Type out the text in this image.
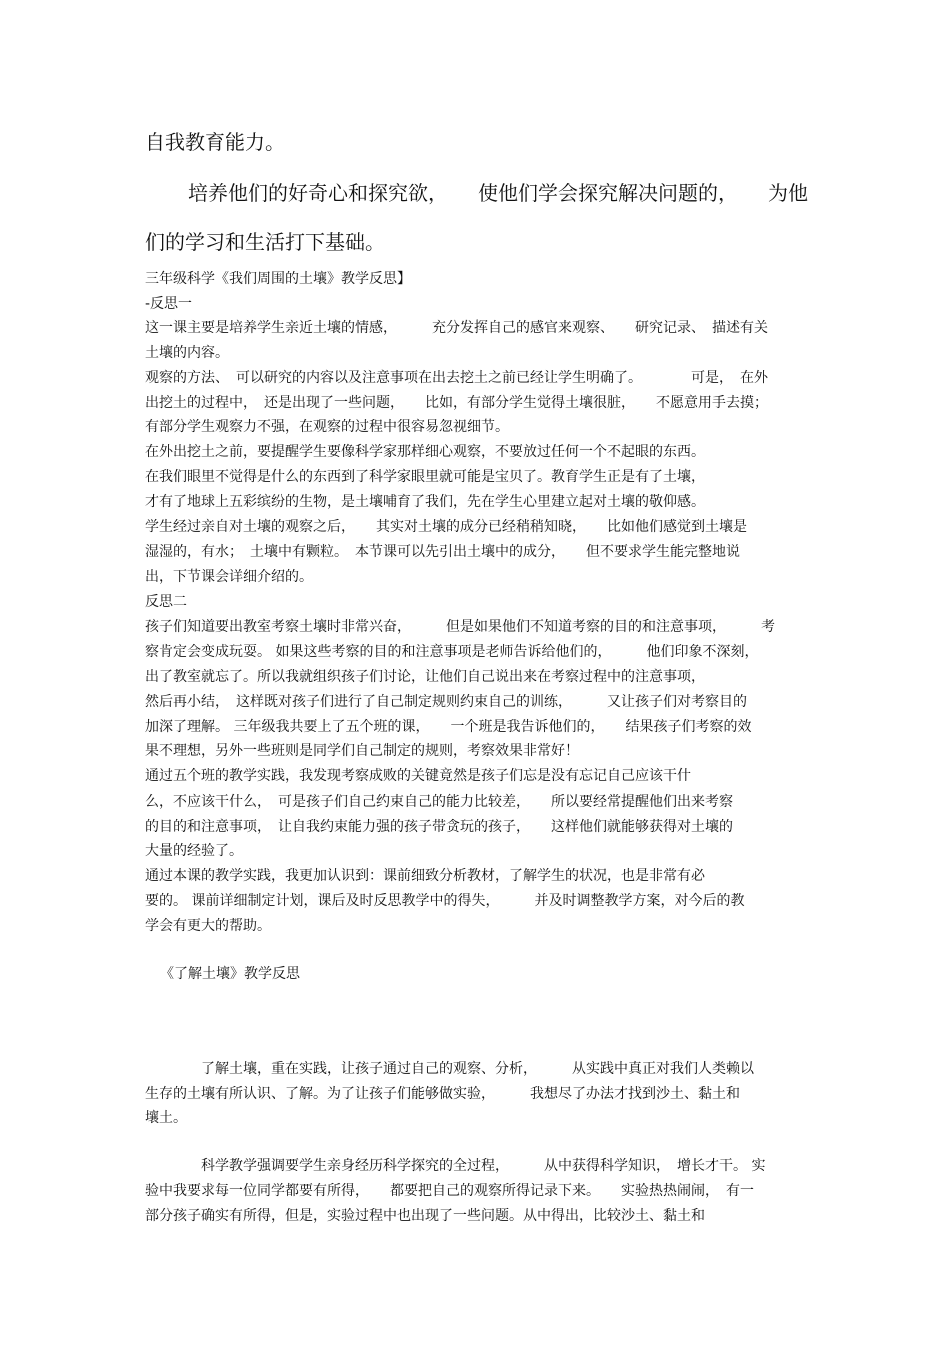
自我教育能力。
培养他们的好奇心和探究欲，　　使他们学会探究解决问题的，　　为他
们的学习和生活打下基础。
三年级科学《我们周围的土壤》教学反思】
-反思一
这一课主要是培养学生亲近土壤的情感，　　　充分发挥自己的感官来观察、　　研究记录、　描述有关
土壤的内容。
观察的方法、　可以研究的内容以及注意事项在出去挖土之前已经让学生明确了。　　　　可是，　在外
出挖土的过程中，　还是出现了一些问题，　　比如，有部分学生觉得土壤很脏，　　不愿意用手去摸；
有部分学生观察力不强，在观察的过程中很容易忽视细节。
在外出挖土之前，要提醒学生要像科学家那样细心观察，不要放过任何一个不起眼的东西。
在我们眼里不觉得是什么的东西到了科学家眼里就可能是宝贝了。教育学生正是有了土壤，
才有了地球上五彩缤纷的生物，是土壤哺育了我们，先在学生心里建立起对土壤的敬仰感。
学生经过亲自对土壤的观察之后，　　其实对土壤的成分已经稍稍知晓，　　比如他们感觉到土壤是
湿湿的，有水；　土壤中有颗粒。　本节课可以先引出土壤中的成分，　　但不要求学生能完整地说
出，下节课会详细介绍的。
反思二
孩子们知道要出教室考察土壤时非常兴奋，　　　但是如果他们不知道考察的目的和注意事项，　　　考
察肯定会变成玩耍。 如果这些考察的目的和注意事项是老师告诉给他们的，　　　他们印象不深刻，
出了教室就忘了。所以我就组织孩子们讨论，让他们自己说出来在考察过程中的注意事项，
然后再小结，　这样既对孩子们进行了自己制定规则约束自己的训练，　　　又让孩子们对考察目的
加深了理解。 三年级我共要上了五个班的课，　　一个班是我告诉他们的，　　结果孩子们考察的效
果不理想，另外一些班则是同学们自己制定的规则，考察效果非常好！
通过五个班的教学实践，我发现考察成败的关键竟然是孩子们忘是没有忘记自己应该干什
么，不应该干什么，　可是孩子们自己约束自己的能力比较差，　　所以要经常提醒他们出来考察
的目的和注意事项，　让自我约束能力强的孩子带贪玩的孩子，　　这样他们就能够获得对土壤的
大量的经验了。
通过本课的教学实践，我更加认识到：课前细致分析教材，了解学生的状况，也是非常有必
要的。 课前详细制定计划，课后及时反思教学中的得失，　　　并及时调整教学方案，对今后的教
学会有更大的帮助。
《了解土壤》教学反思
　　　　了解土壤，重在实践，让孩子通过自己的观察、分析，　　　从实践中真正对我们人类赖以
生存的土壤有所认识、了解。为了让孩子们能够做实验，　　　我想尽了办法才找到沙土、黏土和
壤土。
　　　　科学教学强调要学生亲身经历科学探究的全过程，　　　从中获得科学知识，　增长才干。 实
验中我要求每一位同学都要有所得，　　都要把自己的观察所得记录下来。　　实验热热闹闹，　有一
部分孩子确实有所得，但是，实验过程中也出现了一些问题。从中得出，比较沙土、黏土和
